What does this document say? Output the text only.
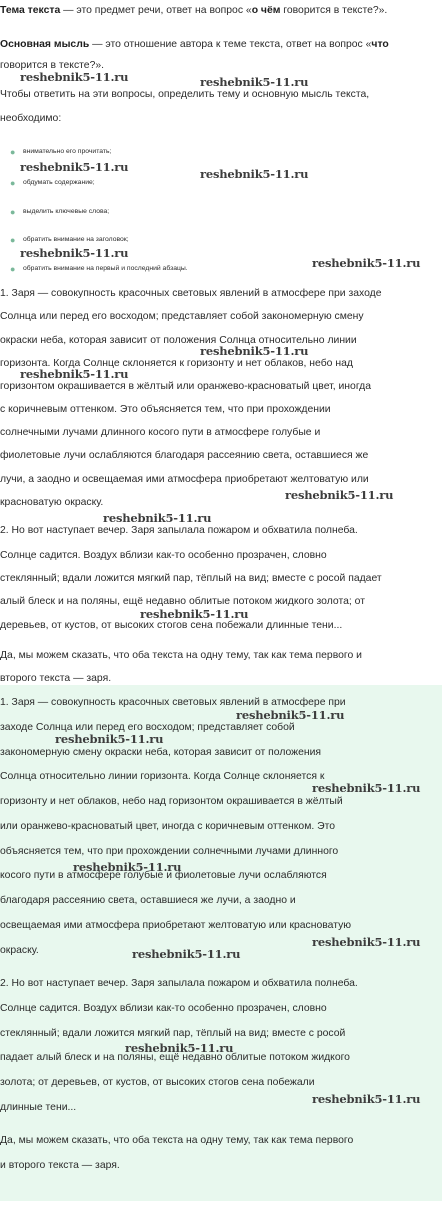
Тема текста — это предмет речи, ответ на вопрос «о чём говорится в тексте?».
Основная мысль — это отношение автора к теме текста, ответ на вопрос «что
говорится в тексте?».
Чтобы ответить на эти вопросы, определить тему и основную мысль текста,
необходимо:
● внимательно его прочитать;
● обдумать содержание;
● выделить ключевые слова;
● обратить внимание на заголовок;
● обратить внимание на первый и последний абзацы.
1. Заря — совокупность красочных световых явлений в атмосфере при заходе
Солнца или перед его восходом; представляет собой закономерную смену
окраски неба, которая зависит от положения Солнца относительно линии
горизонта. Когда Солнце склоняется к горизонту и нет облаков, небо над
горизонтом окрашивается в жёлтый или оранжево-красноватый цвет, иногда
с коричневым оттенком. Это объясняется тем, что при прохождении
солнечными лучами длинного косого пути в атмосфере голубые и
фиолетовые лучи ослабляются благодаря рассеянию света, оставшиеся же
лучи, а заодно и освещаемая ими атмосфера приобретают желтоватую или
красноватую окраску.
2. Но вот наступает вечер. Заря запылала пожаром и обхватила полнеба.
Солнце садится. Воздух вблизи как-то особенно прозрачен, словно
стеклянный; вдали ложится мягкий пар, тёплый на вид; вместе с росой падает
алый блеск и на поляны, ещё недавно облитые потоком жидкого золота; от
деревьев, от кустов, от высоких стогов сена побежали длинные тени...
Да, мы можем сказать, что оба текста на одну тему, так как тема первого и
второго текста — заря.
1. Заря — совокупность красочных световых явлений в атмосфере при
заходе Солнца или перед его восходом; представляет собой
закономерную смену окраски неба, которая зависит от положения
Солнца относительно линии горизонта. Когда Солнце склоняется к
горизонту и нет облаков, небо над горизонтом окрашивается в жёлтый
или оранжево-красноватый цвет, иногда с коричневым оттенком. Это
объясняется тем, что при прохождении солнечными лучами длинного
косого пути в атмосфере голубые и фиолетовые лучи ослабляются
благодаря рассеянию света, оставшиеся же лучи, а заодно и
освещаемая ими атмосфера приобретают желтоватую или красноватую
окраску.
2. Но вот наступает вечер. Заря запылала пожаром и обхватила полнеба.
Солнце садится. Воздух вблизи как-то особенно прозрачен, словно
стеклянный; вдали ложится мягкий пар, тёплый на вид; вместе с росой
падает алый блеск и на поляны, ещё недавно облитые потоком жидкого
золота; от деревьев, от кустов, от высоких стогов сена побежали
длинные тени...
Да, мы можем сказать, что оба текста на одну тему, так как тема первого
и второго текста — заря.
reshebnik5-11.ru	reshebnik5-11.ru
reshebnik5-11.ru	reshebnik5-11.ru
reshebnik5-11.ru
reshebnik5-11.ru
reshebnik5-11.ru
reshebnik5-11.ru
reshebnik5-11.ru
reshebnik5-11.ru
reshebnik5-11.ru
reshebnik5-11.ru
reshebnik5-11.ru
reshebnik5-11.ru
reshebnik5-11.ru
reshebnik5-11.ru
reshebnik5-11.ru
reshebnik5-11.ru
reshebnik5-11.ru
